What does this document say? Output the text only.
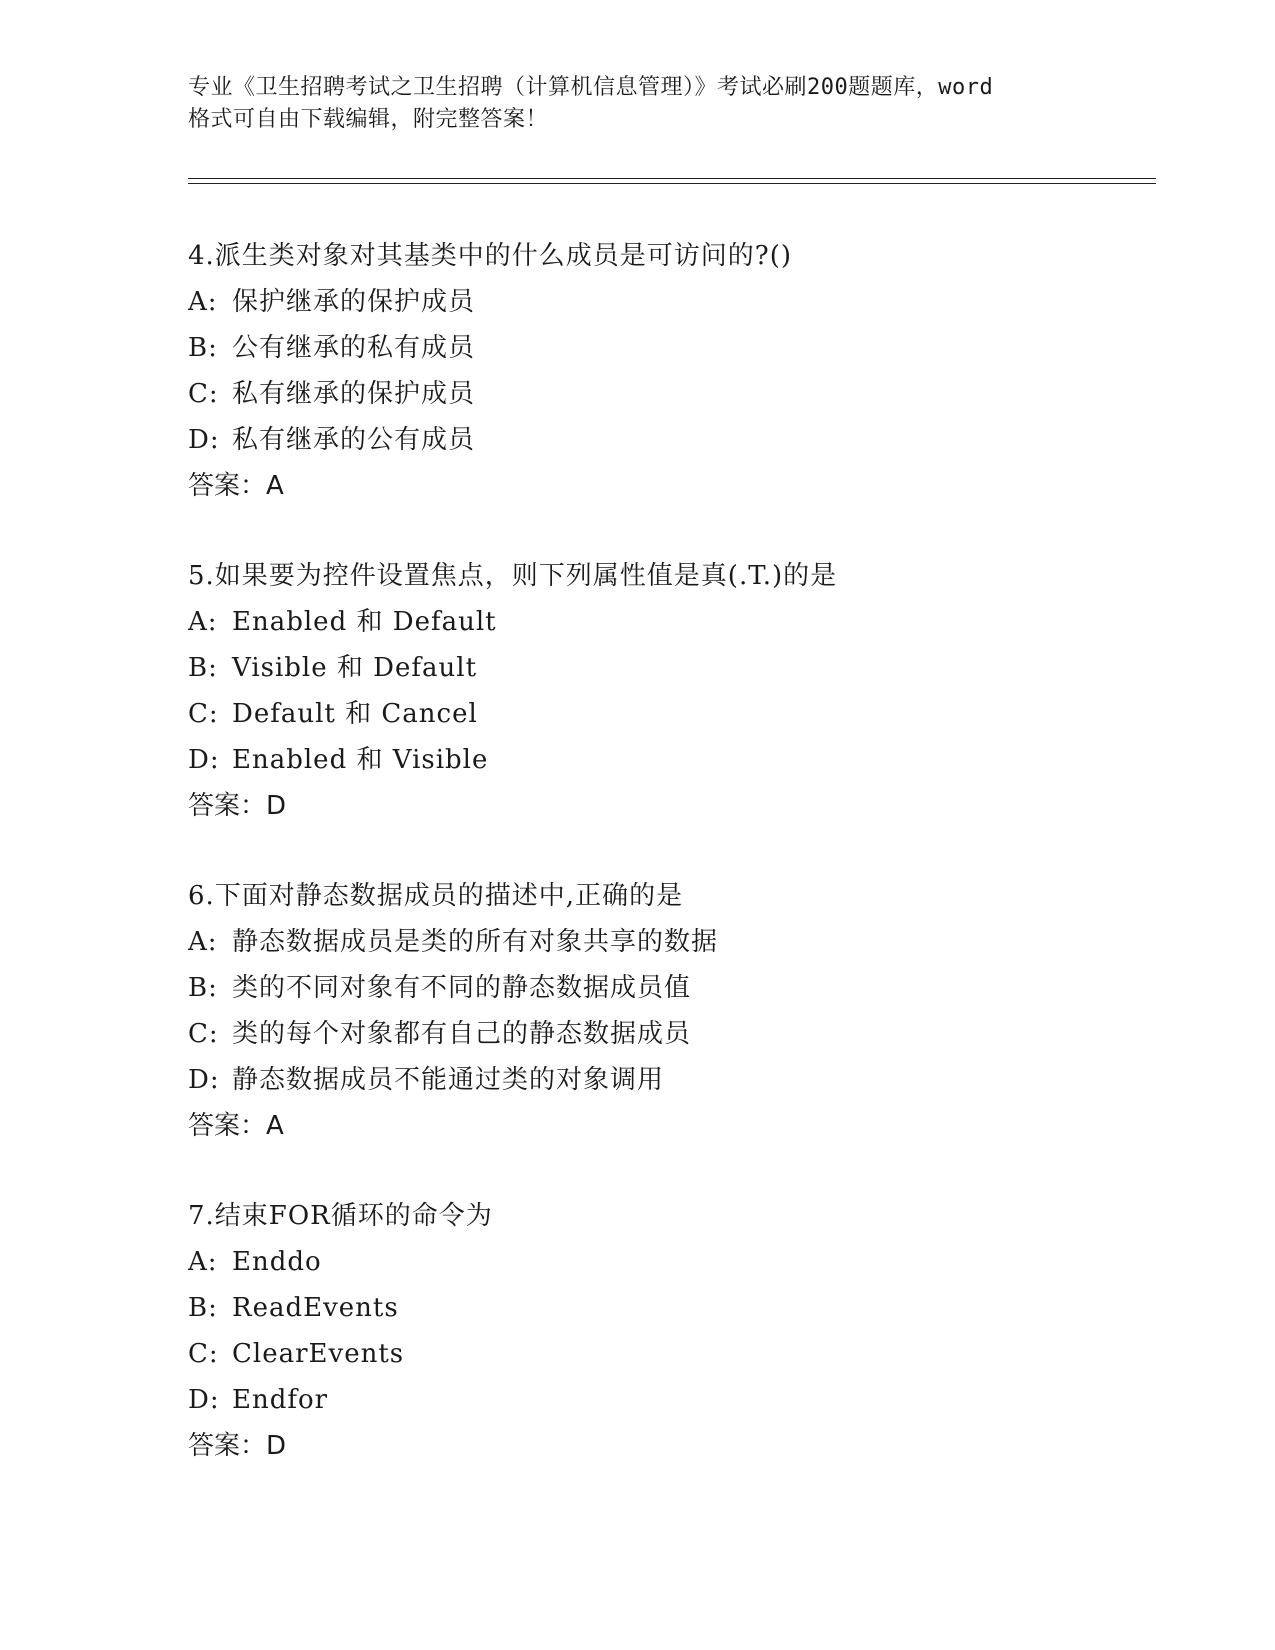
专业《卫生招聘考试之卫生招聘（计算机信息管理）》考试必刷200题题库，word
格式可自由下载编辑，附完整答案！
4.派生类对象对其基类中的什么成员是可访问的?()
A: 保护继承的保护成员
B: 公有继承的私有成员
C: 私有继承的保护成员
D: 私有继承的公有成员
答案：A
5.如果要为控件设置焦点，则下列属性值是真(.T.)的是
A: Enabled 和 Default
B: Visible 和 Default
C: Default 和 Cancel
D: Enabled 和 Visible
答案：D
6.下面对静态数据成员的描述中,正确的是
A: 静态数据成员是类的所有对象共享的数据
B: 类的不同对象有不同的静态数据成员值
C: 类的每个对象都有自己的静态数据成员
D: 静态数据成员不能通过类的对象调用
答案：A
7.结束FOR循环的命令为
A: Enddo
B: ReadEvents
C: ClearEvents
D: Endfor
答案：D
